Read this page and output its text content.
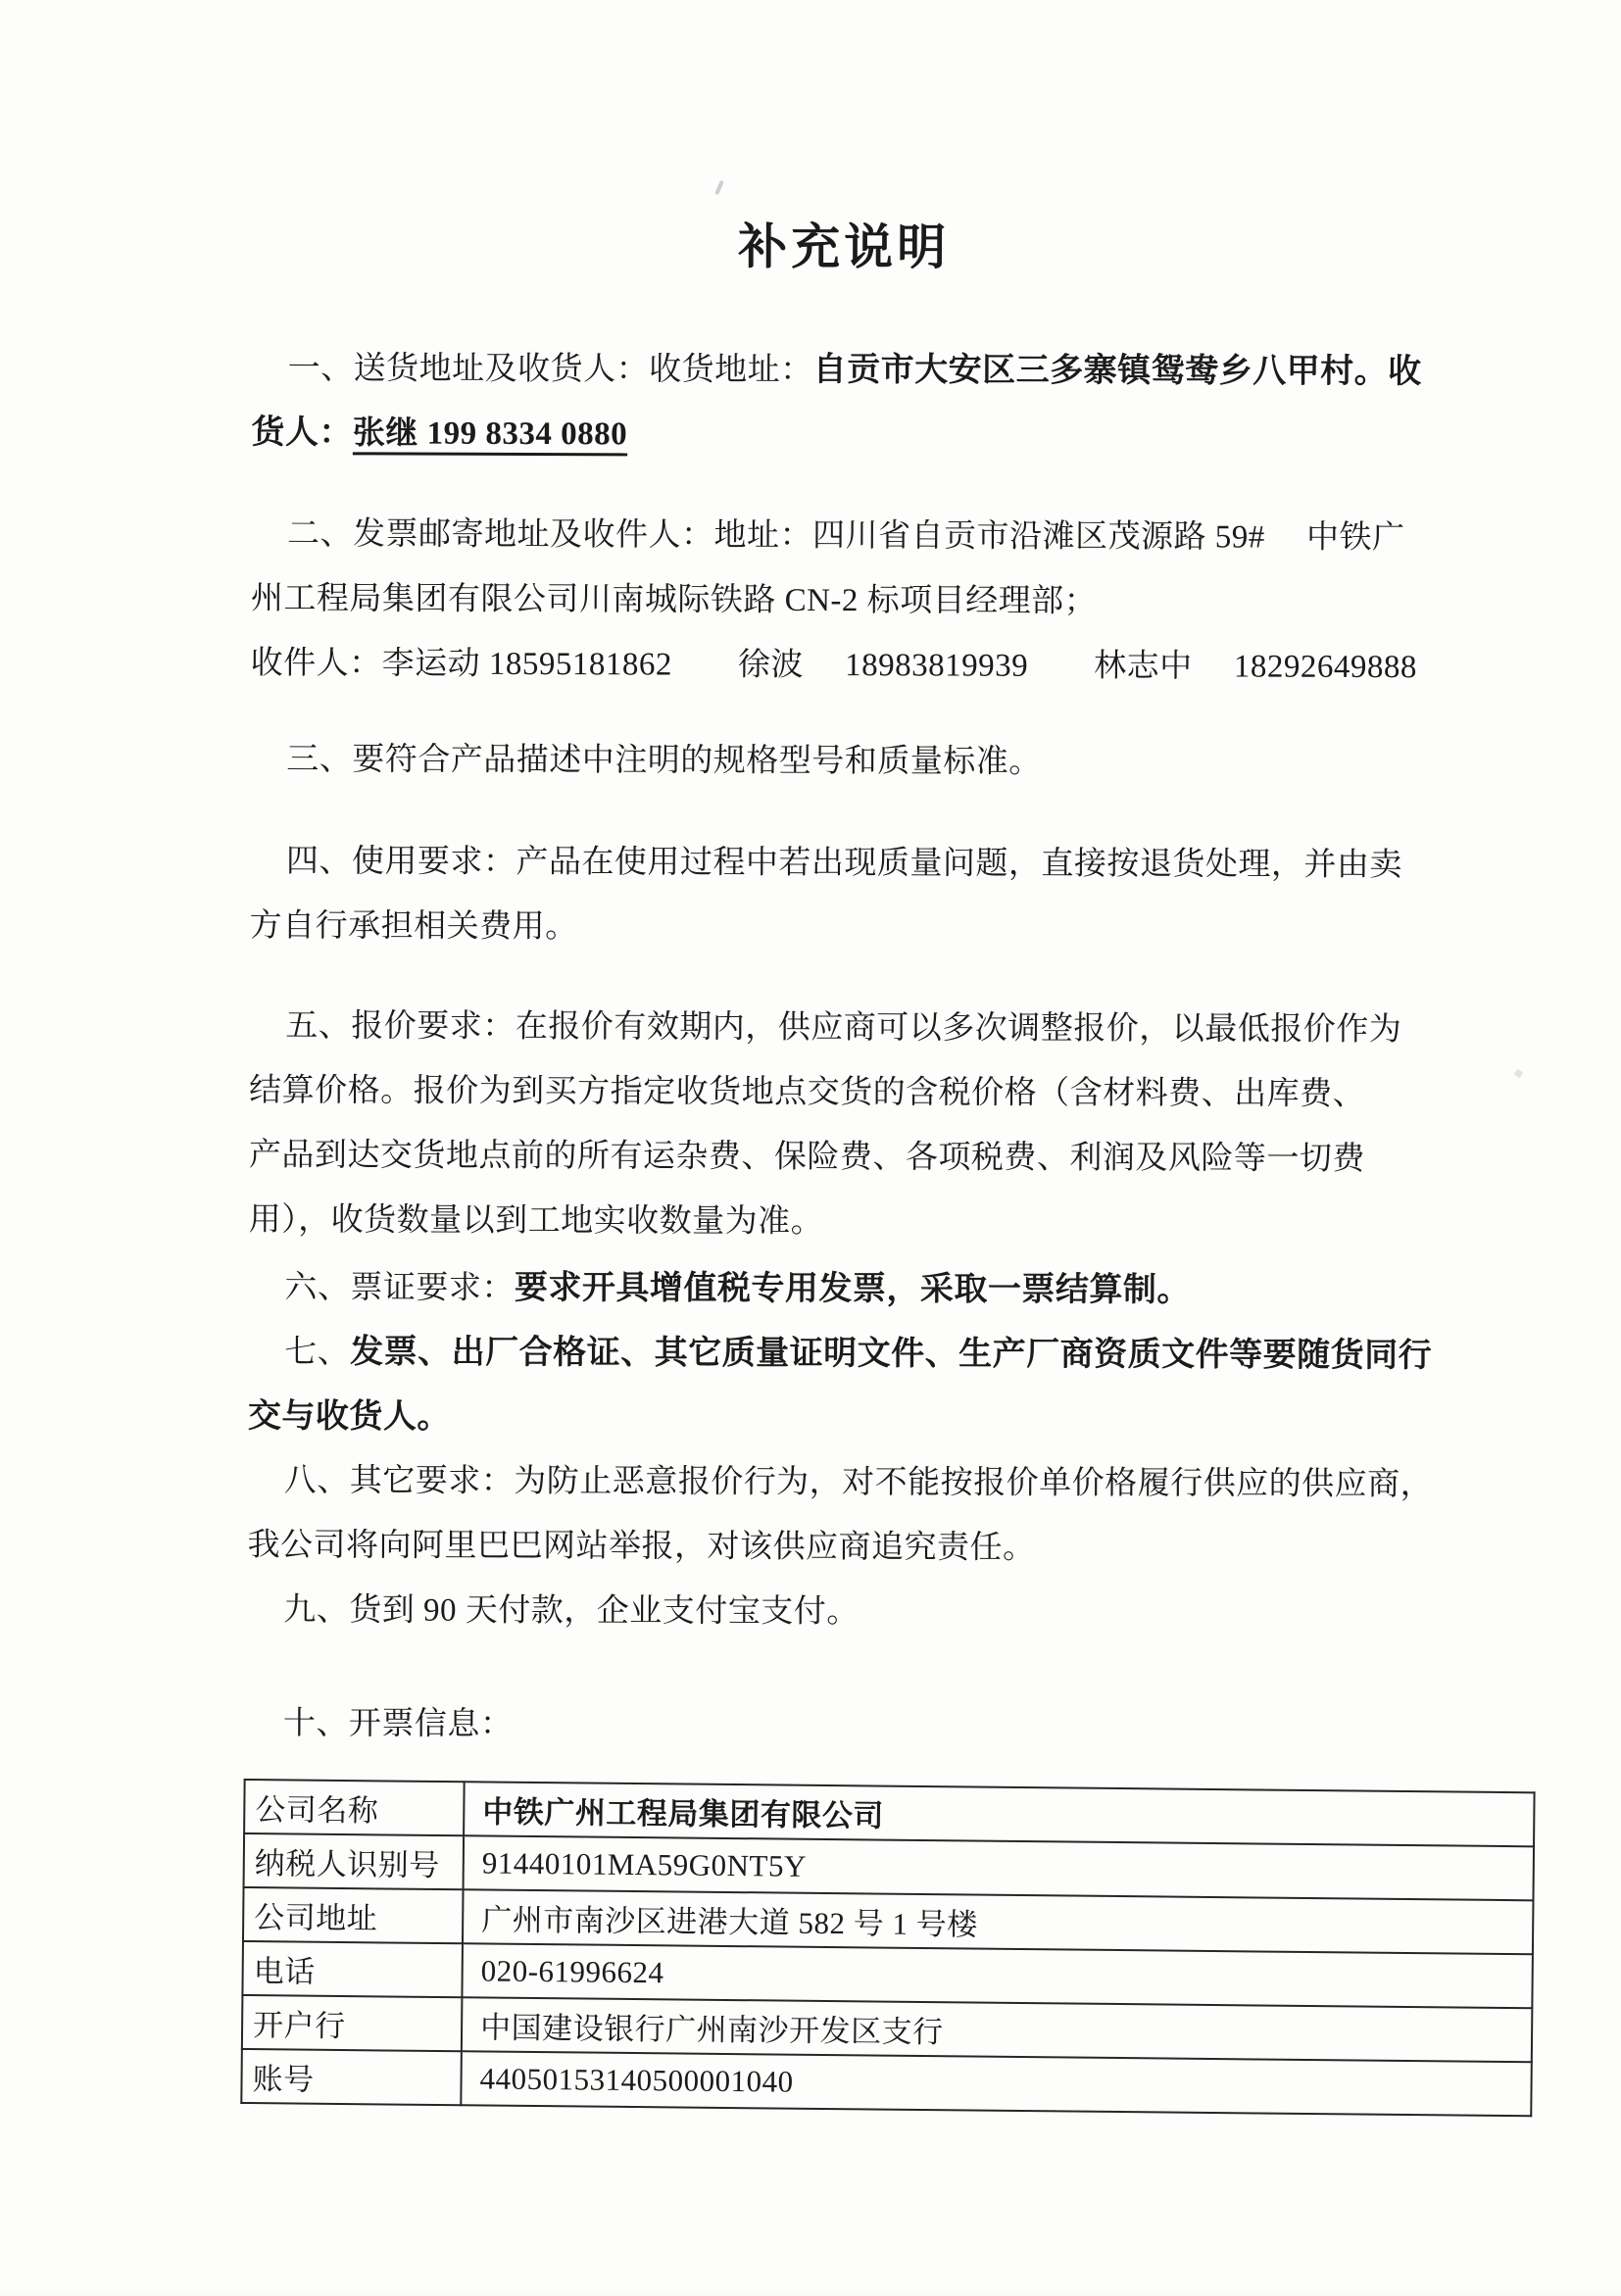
补充说明
一、送货地址及收货人：收货地址：自贡市大安区三多寨镇鸳鸯乡八甲村。收
货人：张继 199 8334 0880
二、发票邮寄地址及收件人：地址：四川省自贡市沿滩区茂源路 59#　 中铁广
州工程局集团有限公司川南城际铁路 CN-2 标项目经理部；
收件人：李运动 18595181862　　徐波　 18983819939　　林志中　 18292649888
三、要符合产品描述中注明的规格型号和质量标准。
四、使用要求：产品在使用过程中若出现质量问题，直接按退货处理，并由卖
方自行承担相关费用。
五、报价要求：在报价有效期内，供应商可以多次调整报价，以最低报价作为
结算价格。报价为到买方指定收货地点交货的含税价格（含材料费、出库费、
产品到达交货地点前的所有运杂费、保险费、各项税费、利润及风险等一切费
用），收货数量以到工地实收数量为准。
六、票证要求：要求开具增值税专用发票，采取一票结算制。
七、发票、出厂合格证、其它质量证明文件、生产厂商资质文件等要随货同行
交与收货人。
八、其它要求：为防止恶意报价行为，对不能按报价单价格履行供应的供应商，
我公司将向阿里巴巴网站举报，对该供应商追究责任。
九、货到 90 天付款，企业支付宝支付。
十、开票信息：
公司名称	中铁广州工程局集团有限公司
纳税人识别号	91440101MA59G0NT5Y
公司地址	广州市南沙区进港大道 582 号 1 号楼
电话	020-61996624
开户行	中国建设银行广州南沙开发区支行
账号	44050153140500001040
